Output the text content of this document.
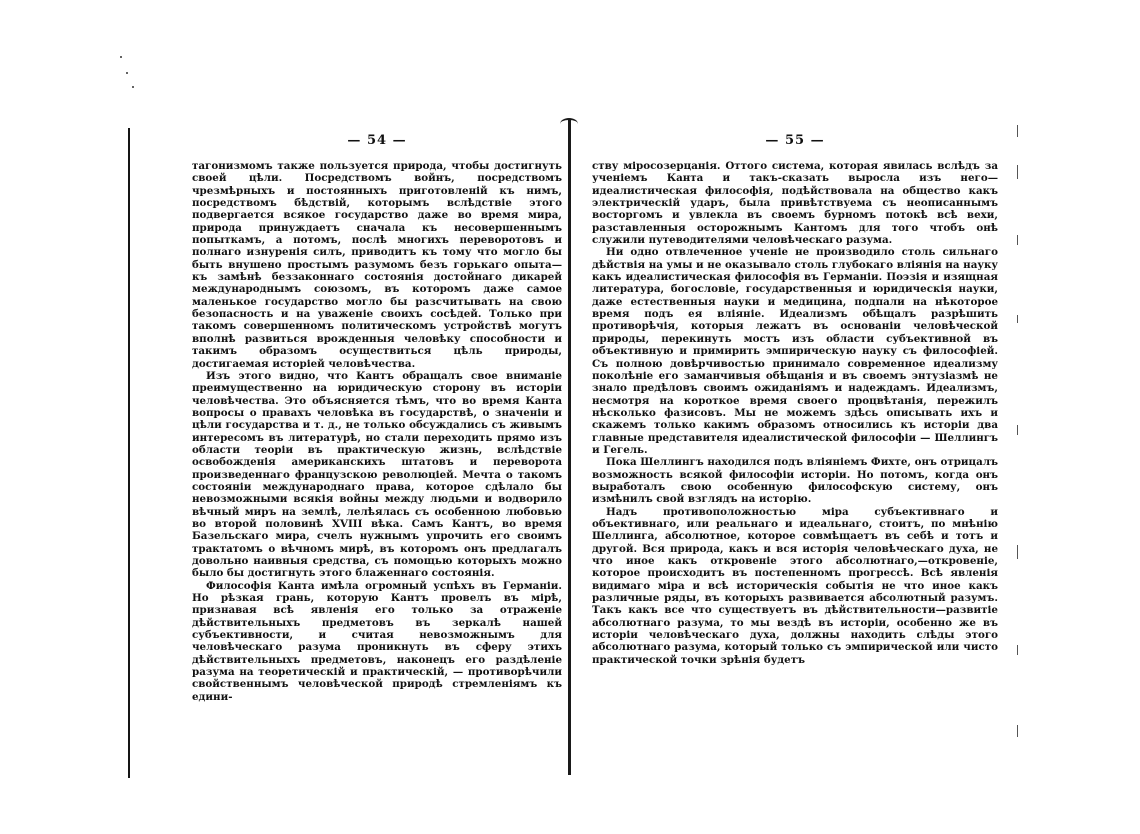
— 54 —

тагонизмомъ также пользуется природа, чтобы достигнуть своей цѣли. Посредствомъ войнъ, посредствомъ чрезмѣрныхъ и постоянныхъ приготовленій къ нимъ, посредствомъ бѣдствій, которымъ вслѣдствіе этого подвергается всякое государство даже во время мира, природа принуждаетъ сначала къ несовершеннымъ попыткамъ, а потомъ, послѣ многихъ переворотовъ и полнаго изнуренія силъ, приводитъ къ тому что могло бы быть внушено простымъ разумомъ безъ горькаго опыта—къ замѣнѣ беззаконнаго состоянія достойнаго дикарей международнымъ союзомъ, въ которомъ даже самое маленькое государство могло бы разсчитывать на свою безопасность и на уваженіе своихъ сосѣдей. Только при такомъ совершенномъ политическомъ устройствѣ могутъ вполнѣ развиться врожденныя человѣку способности и такимъ образомъ осуществиться цѣль природы, достигаемая исторіей человѣчества.

Изъ этого видно, что Кантъ обращалъ свое вниманіе преимущественно на юридическую сторону въ исторіи человѣчества. Это объясняется тѣмъ, что во время Канта вопросы о правахъ человѣка въ государствѣ, о значеніи и цѣли государства и т. д., не только обсуждались съ живымъ интересомъ въ литературѣ, но стали переходить прямо изъ области теоріи въ практическую жизнь, вслѣдствіе освобожденія американскихъ штатовъ и переворота произведеннаго французскою революціей. Мечта о такомъ состояніи международнаго права, которое сдѣлало бы невозможными всякія войны между людьми и водворило вѣчный миръ на землѣ, лелѣялась съ особенною любовью во второй половинѣ XVIII вѣка. Самъ Кантъ, во время Базельскаго мира, счелъ нужнымъ упрочить его своимъ трактатомъ о вѣчномъ мирѣ, въ которомъ онъ предлагалъ довольно наивныя средства, съ помощью которыхъ можно было бы достигнуть этого блаженнаго состоянія.

Философія Канта имѣла огромный успѣхъ въ Германіи. Но рѣзкая грань, которую Кантъ провелъ въ мірѣ, признавая всѣ явленія его только за отраженіе дѣйствительныхъ предметовъ въ зеркалѣ нашей субъективности, и считая невозможнымъ для человѣческаго разума проникнуть въ сферу этихъ дѣйствительныхъ предметовъ, наконецъ его раздѣленіе разума на теоретическій и практическій, — противорѣчили свойственнымъ человѣческой природѣ стремленіямъ къ едини-

— 55 —

ству міросозерцанія. Оттого система, которая явилась вслѣдъ за ученіемъ Канта и такъ-сказать выросла изъ него—идеалистическая философія, подѣйствовала на общество какъ электрическій ударъ, была привѣтствуема съ неописаннымъ восторгомъ и увлекла въ своемъ бурномъ потокѣ всѣ вехи, разставленныя осторожнымъ Кантомъ для того чтобъ онѣ служили путеводителями человѣческаго разума.

Ни одно отвлеченное ученіе не производило столь сильнаго дѣйствія на умы и не оказывало столь глубокаго вліянія на науку какъ идеалистическая философія въ Германіи. Поэзія и изящная литература, богословіе, государственныя и юридическія науки, даже естественныя науки и медицина, подпали на нѣкоторое время подъ ея вліяніе. Идеализмъ обѣщалъ разрѣшить противорѣчія, которыя лежатъ въ основаніи человѣческой природы, перекинуть мостъ изъ области субъективной въ объективную и примирить эмпирическую науку съ философіей. Съ полною довѣрчивостью принимало современное идеализму поколѣніе его заманчивыя обѣщанія и въ своемъ энтузіазмѣ не знало предѣловъ своимъ ожиданіямъ и надеждамъ. Идеализмъ, несмотря на короткое время своего процвѣтанія, пережилъ нѣсколько фазисовъ. Мы не можемъ здѣсь описывать ихъ и скажемъ только какимъ образомъ относились къ исторіи два главные представителя идеалистической философіи — Шеллингъ и Гегель.

Пока Шеллингъ находился подъ вліяніемъ Фихте, онъ отрицалъ возможность всякой философіи исторіи. Но потомъ, когда онъ выработалъ свою особенную философскую систему, онъ измѣнилъ свой взглядъ на исторію.

Надъ противоположностью міра субъективнаго и объективнаго, или реальнаго и идеальнаго, стоитъ, по мнѣнію Шеллинга, абсолютное, которое совмѣщаетъ въ себѣ и тотъ и другой. Вся природа, какъ и вся исторія человѣческаго духа, не что иное какъ откровеніе этого абсолютнаго,—откровеніе, которое происходитъ въ постепенномъ прогрессѣ. Всѣ явленія видимаго міра и всѣ историческія событія не что иное какъ различные ряды, въ которыхъ развивается абсолютный разумъ. Такъ какъ все что существуетъ въ дѣйствительности—развитіе абсолютнаго разума, то мы вездѣ въ исторіи, особенно же въ исторіи человѣческаго духа, должны находить слѣды этого абсолютнаго разума, который только съ эмпирической или чисто практической точки зрѣнія будетъ
